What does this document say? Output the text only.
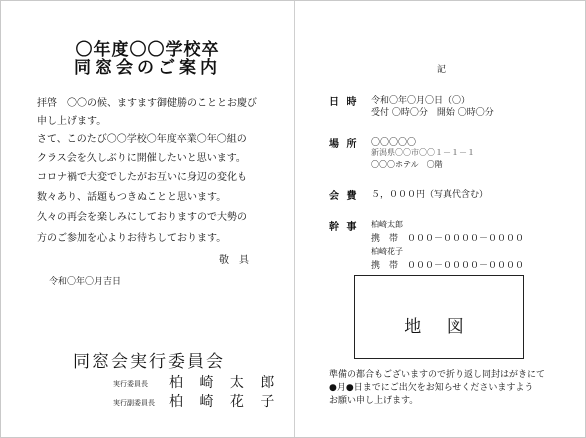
〇年度〇〇学校卒
同窓会のご案内
拝啓　〇〇の候、ますます御健勝のこととお慶び
申し上げます。
さて、このたび〇〇学校〇年度卒業〇年〇組の
クラス会を久しぶりに開催したいと思います。
コロナ禍で大変でしたがお互いに身辺の変化も
数々あり、話題もつきぬことと思います。
久々の再会を楽しみにしておりますので大勢の
方のご参加を心よりお待ちしております。
敬　具
令和〇年〇月吉日
同窓会実行委員会
実行委員長 柏 崎 太 郎
実行副委員長 柏 崎 花 子
記
日 時 令和〇年〇月〇日（〇）
受付 〇時〇分　開始 〇時〇分
場 所 〇〇〇〇〇
新潟県〇〇市〇〇１－１－１
〇〇〇ホテル　〇階
会 費 ５，０００円（写真代含む）
幹 事 柏崎太郎
携　帯　０００－００００－００００
柏崎花子
携　帯　０００－００００－００００
地 図
準備の都合もございますので折り返し同封はがきにて
●月●日までにご出欠をお知らせくださいますよう
お願い申し上げます。
